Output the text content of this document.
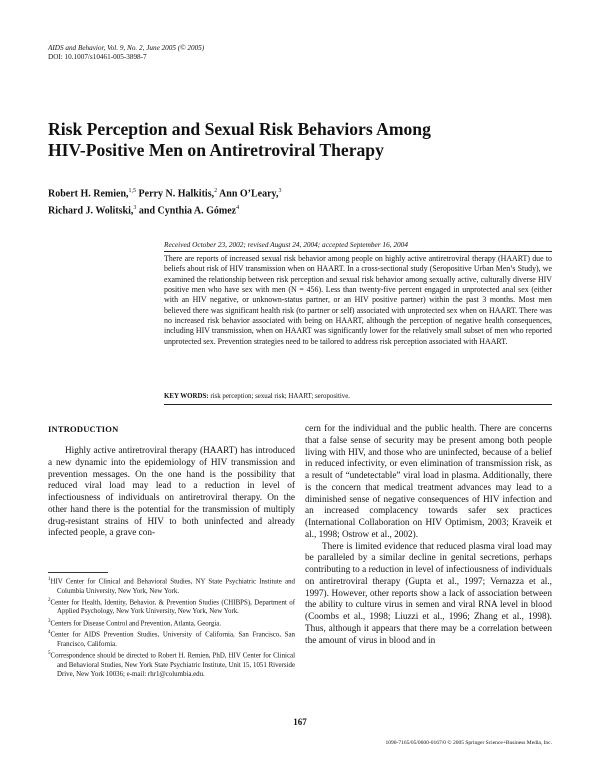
AIDS and Behavior, Vol. 9, No. 2, June 2005 (© 2005)
DOI: 10.1007/s10461-005-3898-7
Risk Perception and Sexual Risk Behaviors Among
HIV-Positive Men on Antiretroviral Therapy
Robert H. Remien,$^{1,5}$ Perry N. Halkitis,$^2$ Ann O’Leary,$^3$
Richard J. Wolitski,$^3$ and Cynthia A. Gómez$^4$
Received October 23, 2002; revised August 24, 2004; accepted September 16, 2004
There are reports of increased sexual risk behavior among people on highly active antiretroviral therapy (HAART) due to beliefs about risk of HIV transmission when on HAART. In a cross-sectional study (Seropositive Urban Men’s Study), we examined the relationship between risk perception and sexual risk behavior among sexually active, culturally diverse HIV positive men who have sex with men (N = 456). Less than twenty-five percent engaged in unprotected anal sex (either with an HIV negative, or unknown-status partner, or an HIV positive partner) within the past 3 months. Most men believed there was significant health risk (to partner or self) associated with unprotected sex when on HAART. There was no increased risk behavior associated with being on HAART, although the perception of negative health consequences, including HIV transmission, when on HAART was significantly lower for the relatively small subset of men who reported unprotected sex. Prevention strategies need to be tailored to address risk perception associated with HAART.
KEY WORDS: risk perception; sexual risk; HAART; seropositive.
INTRODUCTION

Highly active antiretroviral therapy (HAART) has introduced a new dynamic into the epidemiology of HIV transmission and prevention messages. On the one hand is the possibility that reduced viral load may lead to a reduction in level of infectiousness of individuals on antiretroviral therapy. On the other hand there is the potential for the transmission of multiply drug-resistant strains of HIV to both uninfected and already infected people, a grave con-

cern for the individual and the public health. There are concerns that a false sense of security may be present among both people living with HIV, and those who are uninfected, because of a belief in reduced infectivity, or even elimination of transmission risk, as a result of “undetectable” viral load in plasma. Additionally, there is the concern that medical treatment advances may lead to a diminished sense of negative consequences of HIV infection and an increased complacency towards safer sex practices (International Collaboration on HIV Optimism, 2003; Kraveik et al., 1998; Ostrow et al., 2002).

There is limited evidence that reduced plasma viral load may be paralleled by a similar decline in genital secretions, perhaps contributing to a reduction in level of infectiousness of individuals on antiretroviral therapy (Gupta et al., 1997; Vernazza et al., 1997). However, other reports show a lack of association between the ability to culture virus in semen and viral RNA level in blood (Coombs et al., 1998; Liuzzi et al., 1996; Zhang et al., 1998). Thus, although it appears that there may be a correlation between the amount of virus in blood and in

$^1$HIV Center for Clinical and Behavioral Studies, NY State Psychiatric Institute and Columbia University, New York, New York.
$^2$Center for Health, Identity, Behavior, & Prevention Studies (CHIBPS), Department of Applied Psychology, New York University, New York, New York.
$^3$Centers for Disease Control and Prevention, Atlanta, Georgia.
$^4$Center for AIDS Prevention Studies, University of California, San Francisco, San Francisco, California.
$^5$Correspondence should be directed to Robert H. Remien, PhD, HIV Center for Clinical and Behavioral Studies, New York State Psychiatric Institute, Unit 15, 1051 Riverside Drive, New York 10036; e-mail: rhr1@columbia.edu.
167
1090-7165/05/0600-0167/0 © 2005 Springer Science+Business Media, Inc.
